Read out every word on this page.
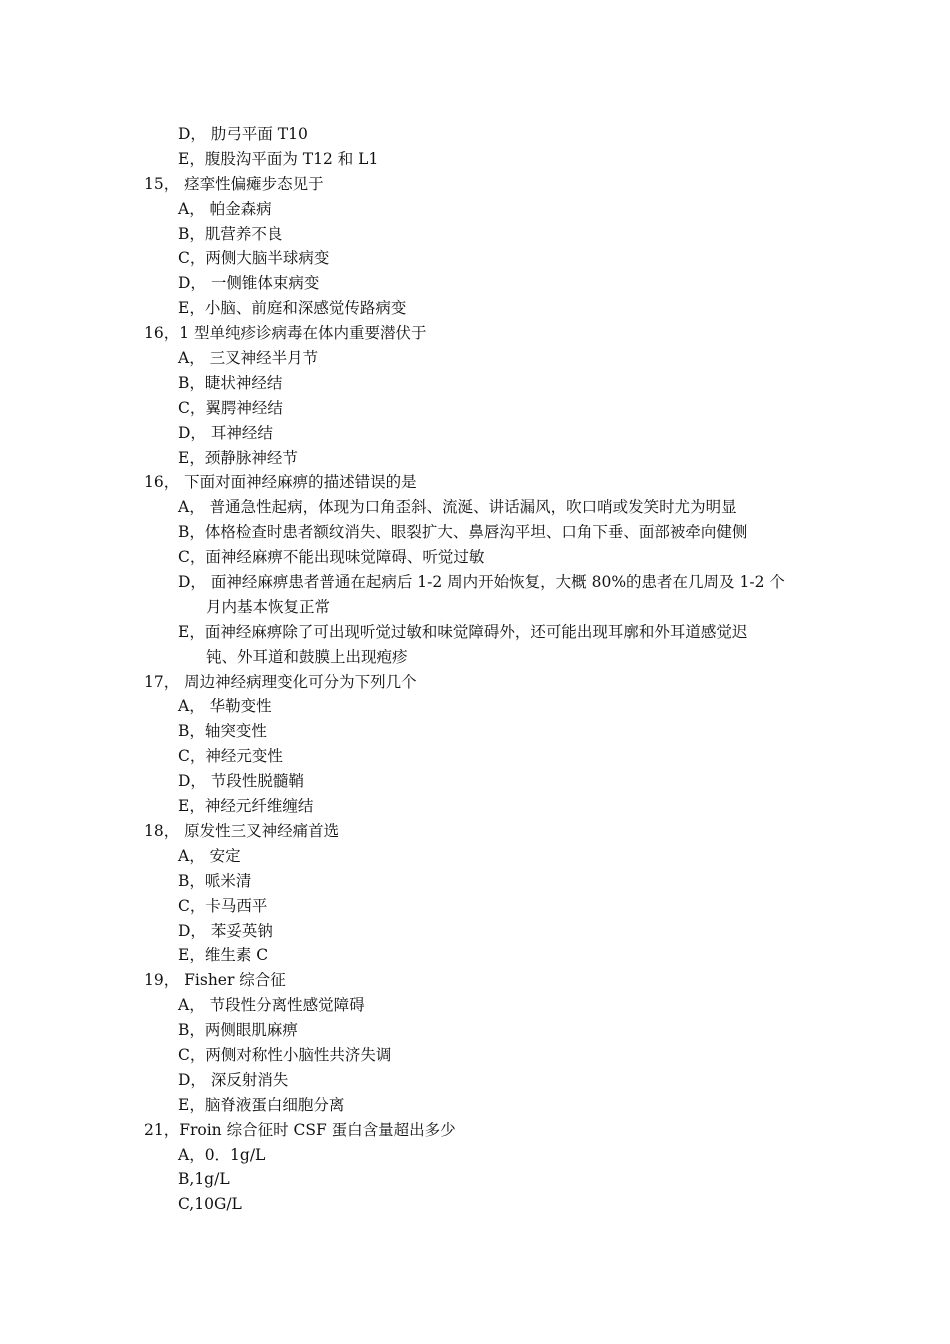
D， 肋弓平面 T10
E，腹股沟平面为 T12 和 L1
15， 痉挛性偏瘫步态见于
A， 帕金森病
B，肌营养不良
C，两侧大脑半球病变
D， 一侧锥体束病变
E，小脑、前庭和深感觉传路病变
16，1 型单纯疹诊病毒在体内重要潜伏于
A， 三叉神经半月节
B，睫状神经结
C，翼腭神经结
D， 耳神经结
E，颈静脉神经节
16， 下面对面神经麻痹的描述错误的是
A， 普通急性起病，体现为口角歪斜、流涎、讲话漏风，吹口哨或发笑时尤为明显
B，体格检查时患者额纹消失、眼裂扩大、鼻唇沟平坦、口角下垂、面部被牵向健侧
C，面神经麻痹不能出现味觉障碍、听觉过敏
D， 面神经麻痹患者普通在起病后 1-2 周内开始恢复，大概 80%的患者在几周及 1-2 个
月内基本恢复正常
E，面神经麻痹除了可出现听觉过敏和味觉障碍外，还可能出现耳廓和外耳道感觉迟
钝、外耳道和鼓膜上出现疱疹
17， 周边神经病理变化可分为下列几个
A， 华勒变性
B，轴突变性
C，神经元变性
D， 节段性脱髓鞘
E，神经元纤维缠结
18， 原发性三叉神经痛首选
A， 安定
B，哌米清
C，卡马西平
D， 苯妥英钠
E，维生素 C
19， Fisher 综合征
A， 节段性分离性感觉障碍
B，两侧眼肌麻痹
C，两侧对称性小脑性共济失调
D， 深反射消失
E，脑脊液蛋白细胞分离
21，Froin 综合征时 CSF 蛋白含量超出多少
A，0．1g/L
B,1g/L
C,10G/L
